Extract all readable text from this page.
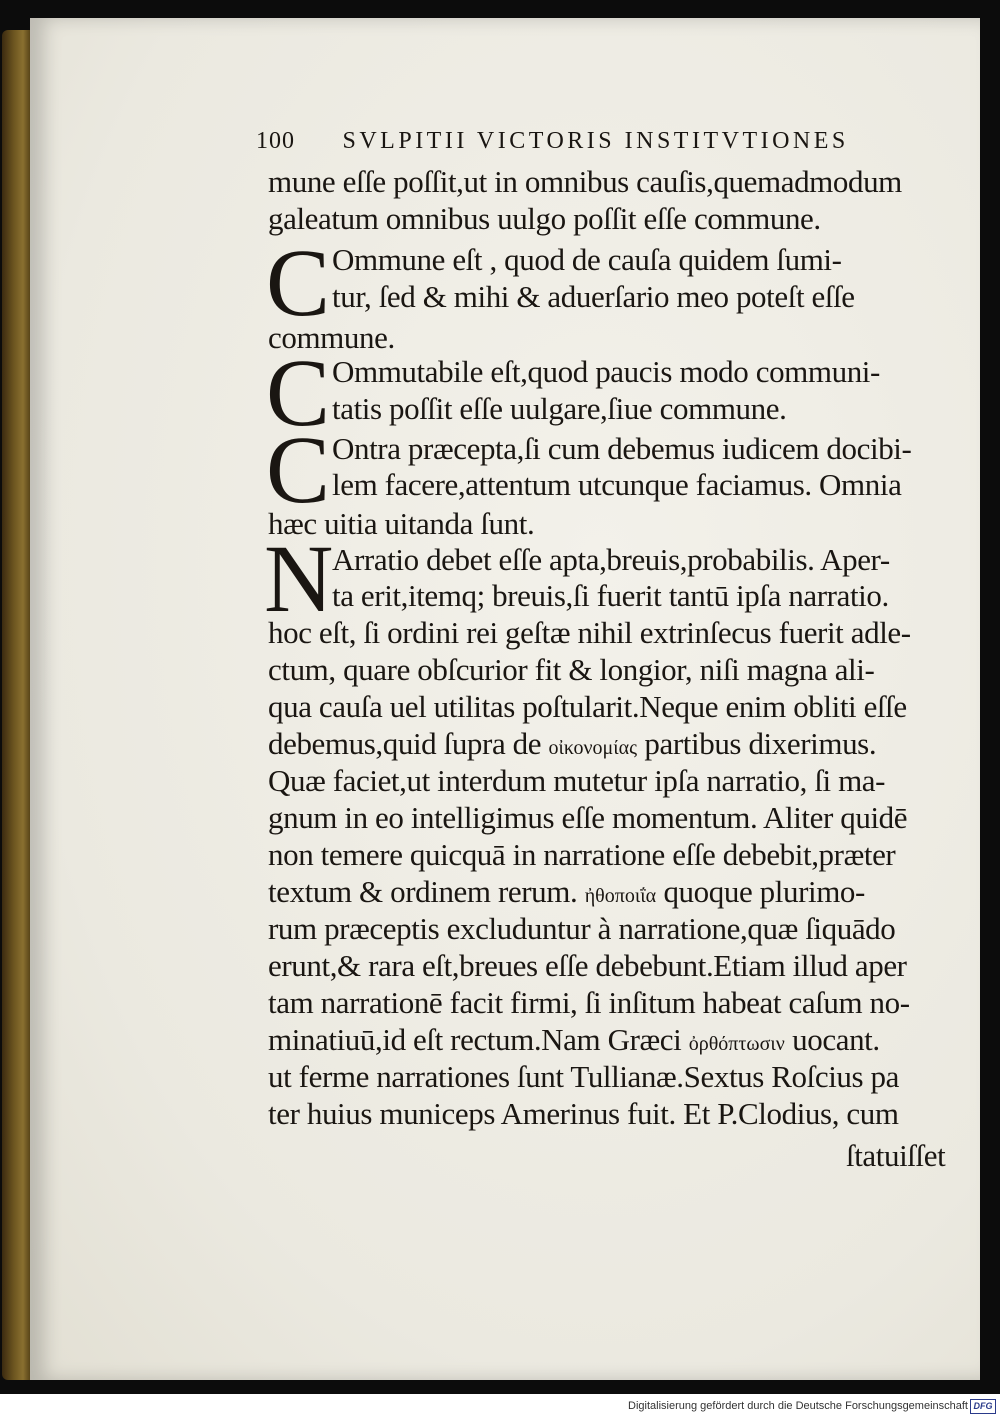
100 SVLPITII VICTORIS INSTITVTIONES
C
C
C
N
mune eſſe poſſit,ut in omnibus cauſis,quemadmodum
galeatum omnibus uulgo poſſit eſſe commune.
Ommune eſt , quod de cauſa quidem ſumi-
tur, ſed & mihi & aduerſario meo poteſt eſſe
commune.
Ommutabile eſt,quod paucis modo communi-
tatis poſſit eſſe uulgare,ſiue commune.
Ontra præcepta,ſi cum debemus iudicem docibi-
lem facere,attentum utcunque faciamus. Omnia
hæc uitia uitanda ſunt.
Arratio debet eſſe apta,breuis,probabilis. Aper-
ta erit,itemq; breuis,ſi fuerit tantū ipſa narratio.
hoc eſt, ſi ordini rei geſtæ nihil extrinſecus fuerit adle-
ctum, quare obſcurior fit & longior, niſi magna ali-
qua cauſa uel utilitas poſtularit.Neque enim obliti eſſe
debemus,quid ſupra de οἰκονομίας partibus dixerimus.
Quæ faciet,ut interdum mutetur ipſa narratio, ſi ma-
gnum in eo intelligimus eſſe momentum. Aliter quidē
non temere quicquā in narratione eſſe debebit,præter
textum & ordinem rerum. ἠθοποιΐα quoque plurimo-
rum præceptis excluduntur à narratione,quæ ſiquādo
erunt,& rara eſt,breues eſſe debebunt.Etiam illud aper
tam narrationē facit firmi, ſi inſitum habeat caſum no-
minatiuū,id eſt rectum.Nam Græci ὀρθόπτωσιν uocant.
ut ferme narrationes ſunt Tullianæ.Sextus Roſcius pa
ter huius municeps Amerinus fuit. Et P.Clodius, cum
ſtatuiſſet
Digitalisierung gefördert durch die Deutsche Forschungsgemeinschaft DFG
